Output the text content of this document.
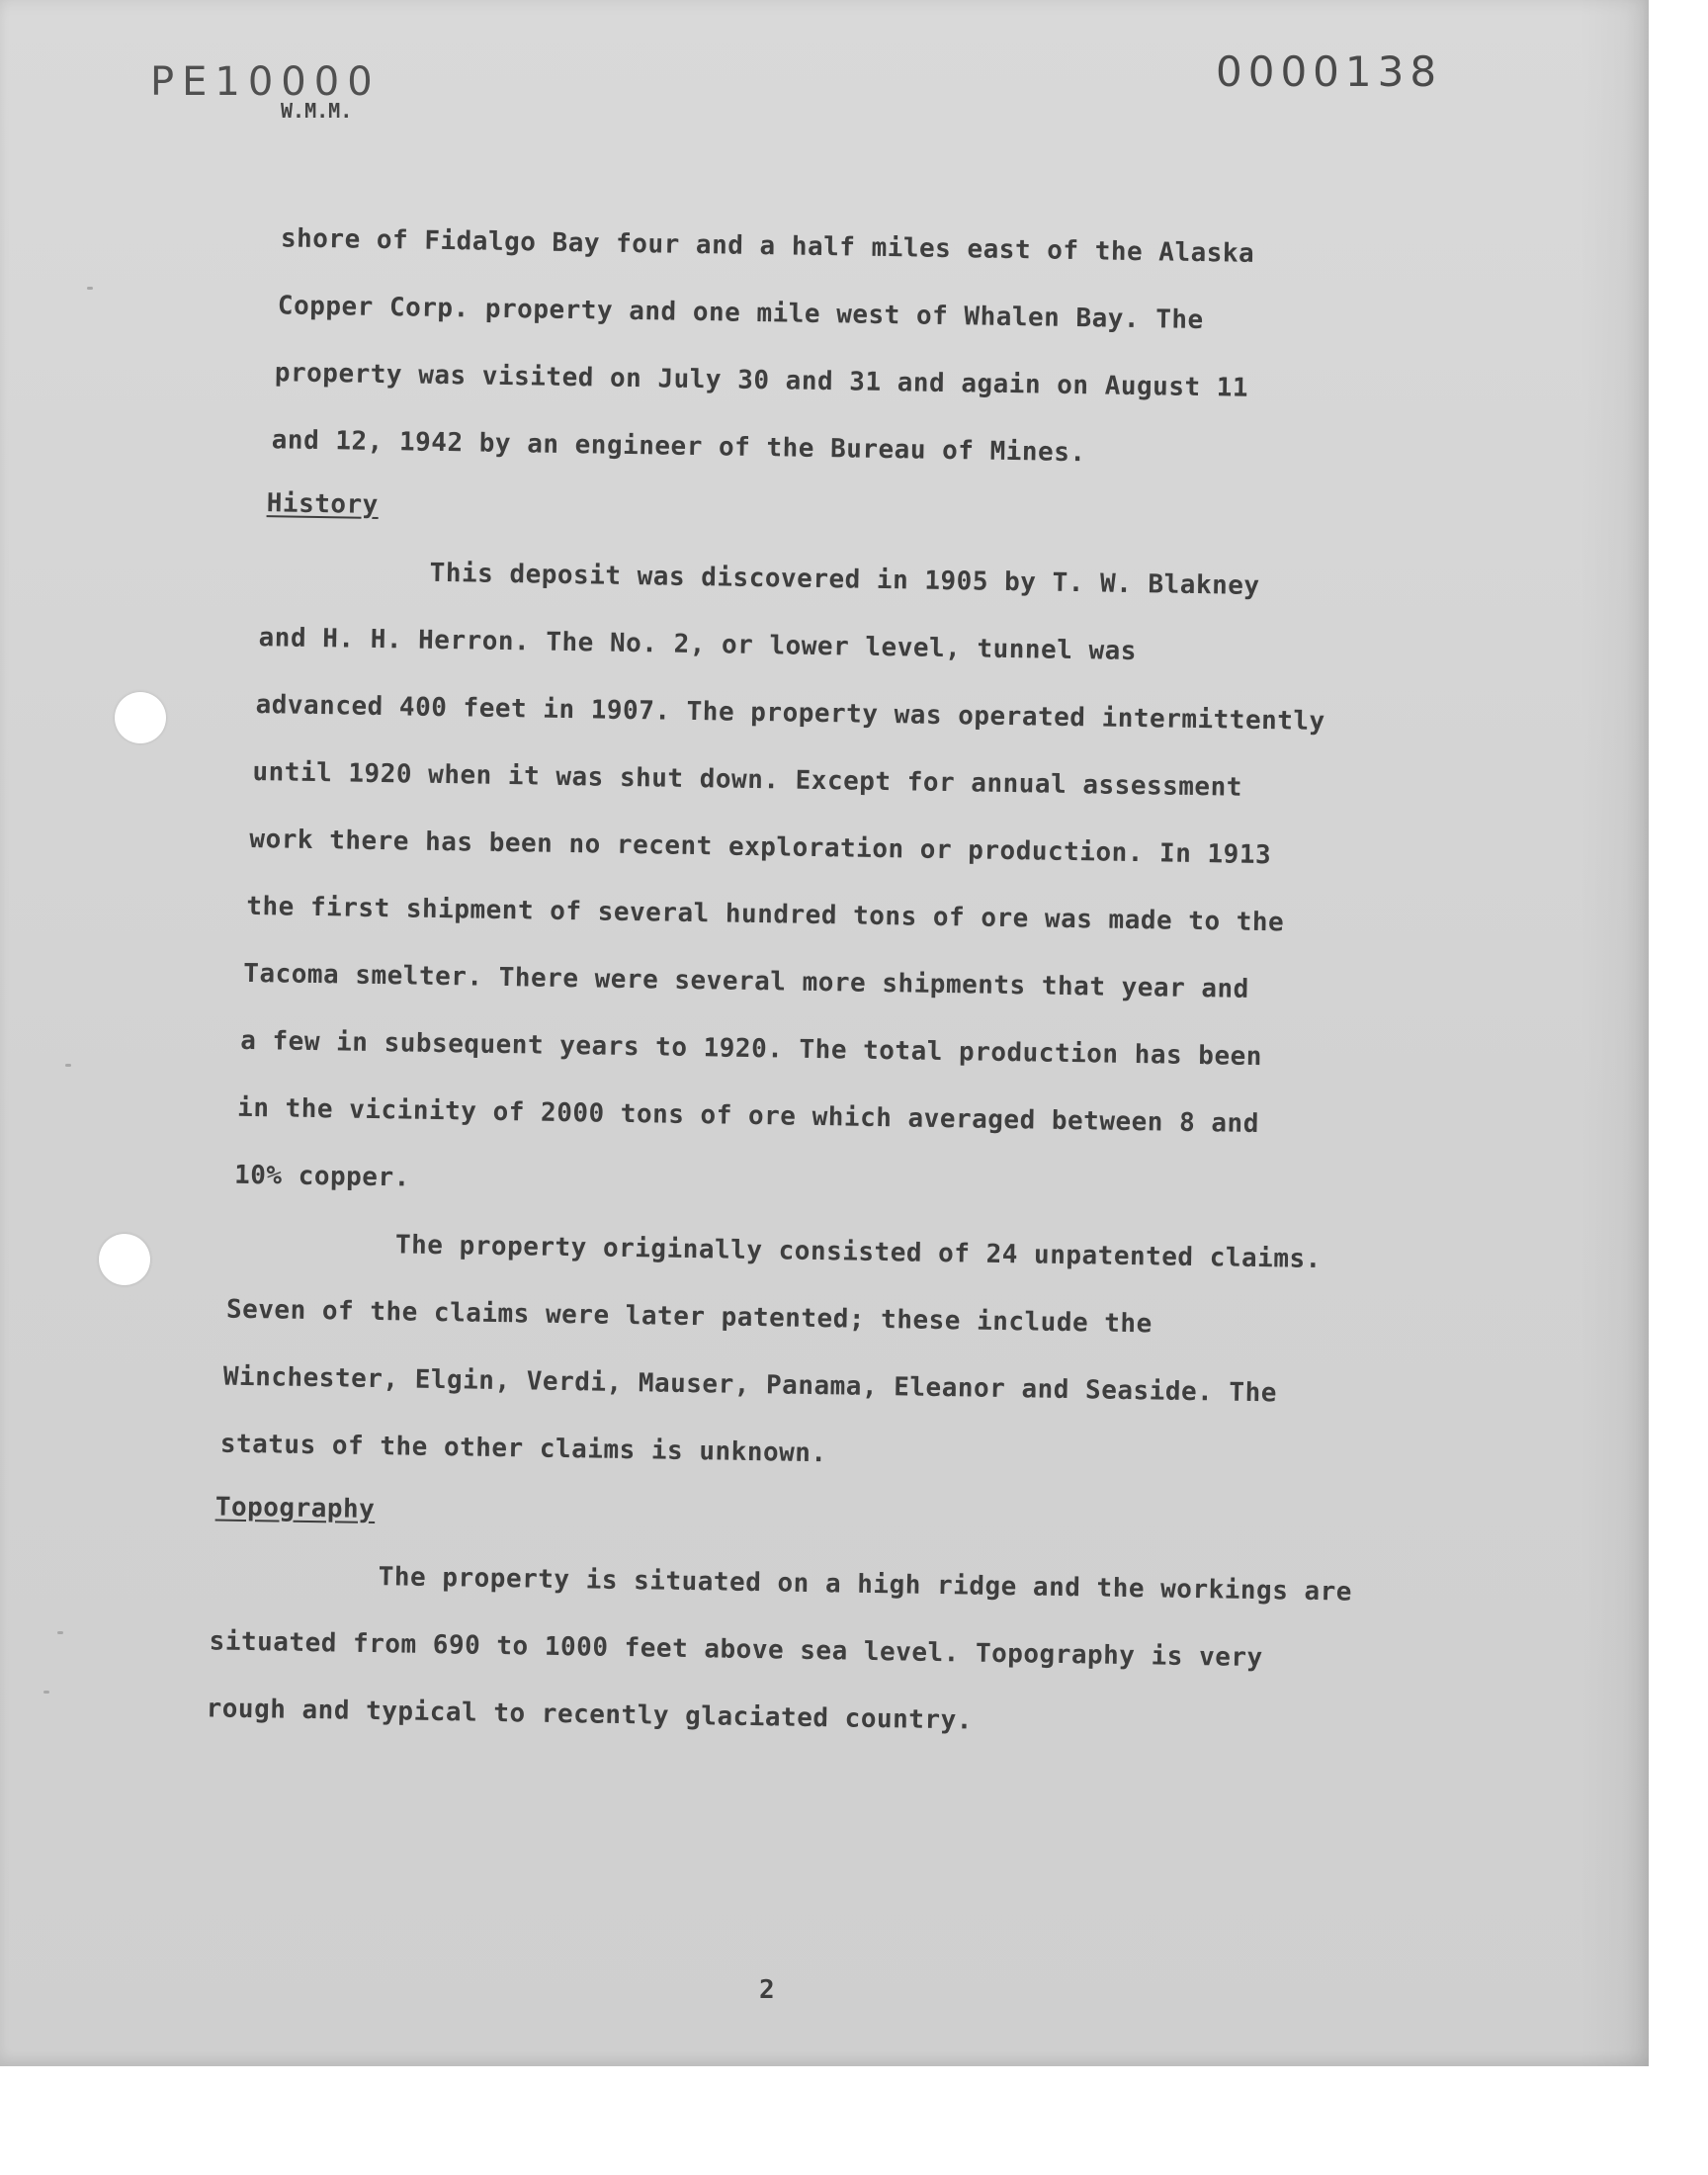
PE10000
W.M.M.
0000138
shore of Fidalgo Bay four and a half miles east of the Alaska
Copper Corp. property and one mile west of Whalen Bay. The
property was visited on July 30 and 31 and again on August 11
and 12, 1942 by an engineer of the Bureau of Mines.
History
This deposit was discovered in 1905 by T. W. Blakney
and H. H. Herron. The No. 2, or lower level, tunnel was
advanced 400 feet in 1907. The property was operated intermittently
until 1920 when it was shut down. Except for annual assessment
work there has been no recent exploration or production. In 1913
the first shipment of several hundred tons of ore was made to the
Tacoma smelter. There were several more shipments that year and
a few in subsequent years to 1920. The total production has been
in the vicinity of 2000 tons of ore which averaged between 8 and
10% copper.
The property originally consisted of 24 unpatented claims.
Seven of the claims were later patented; these include the
Winchester, Elgin, Verdi, Mauser, Panama, Eleanor and Seaside. The
status of the other claims is unknown.
Topography
The property is situated on a high ridge and the workings are
situated from 690 to 1000 feet above sea level. Topography is very
rough and typical to recently glaciated country.
2
